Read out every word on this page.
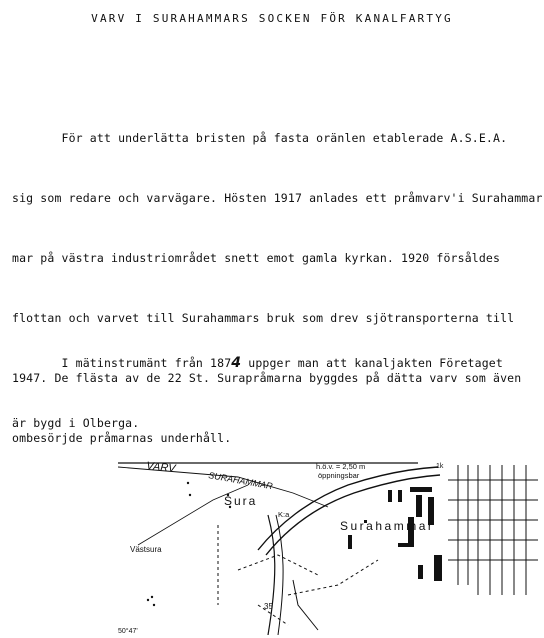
VARV I SURAHAMMARS SOCKEN FÖR KANALFARTYG

För att underlätta bristen på fasta oränlen etablerade A.S.E.A.

sig som redare och varvägare. Hösten 1917 anlades ett pråmvarv'i Surahammar

mar på västra industriområdet snett emot gamla kyrkan. 1920 försåldes

flottan och varvet till Surahammars bruk som drev sjötransporterna till

1947. De flästa av de 22 St. Surapråmarna byggdes på dätta varv som även

ombesörjde pråmarnas underhåll.

I mätinstrumänt från 1874 uppger man att kanaljakten Företaget

är bygd i Olberga.

VARV
SURAHAMMAR
Sura
Surahammar
Västsura
h.ö.v. = 2,50 m
öppningsbar
K:a
35
1k
50°47'
